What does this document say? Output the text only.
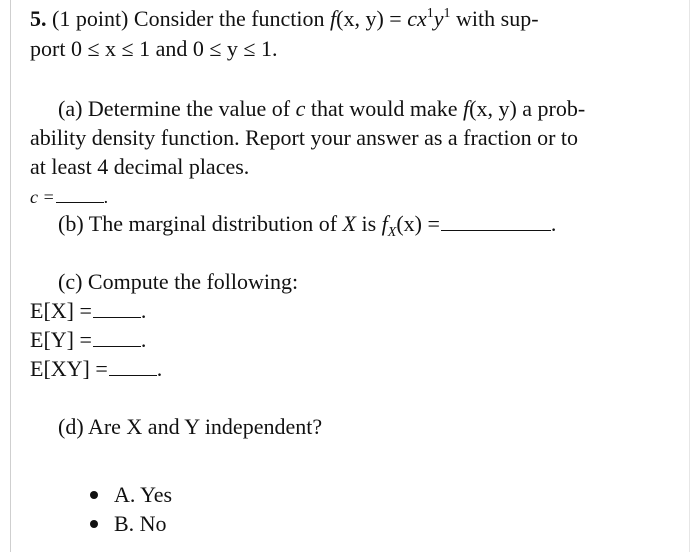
5. (1 point) Consider the function f(x, $y) = cx^1y^1$ with sup-
port 0 ≤ x ≤ 1 and 0 ≤ y ≤ 1.
(a) Determine the value of c that would make f(x, y) a prob-
ability density function. Report your answer as a fraction or to
at least 4 decimal places.
c =	.
(b) The marginal distribution of X is $f_X(x)$ =	.
(c) Compute the following:
E[X] = .
E[Y] = .
E[XY] = .
(d) Are X and Y independent?
A. Yes
B. No
